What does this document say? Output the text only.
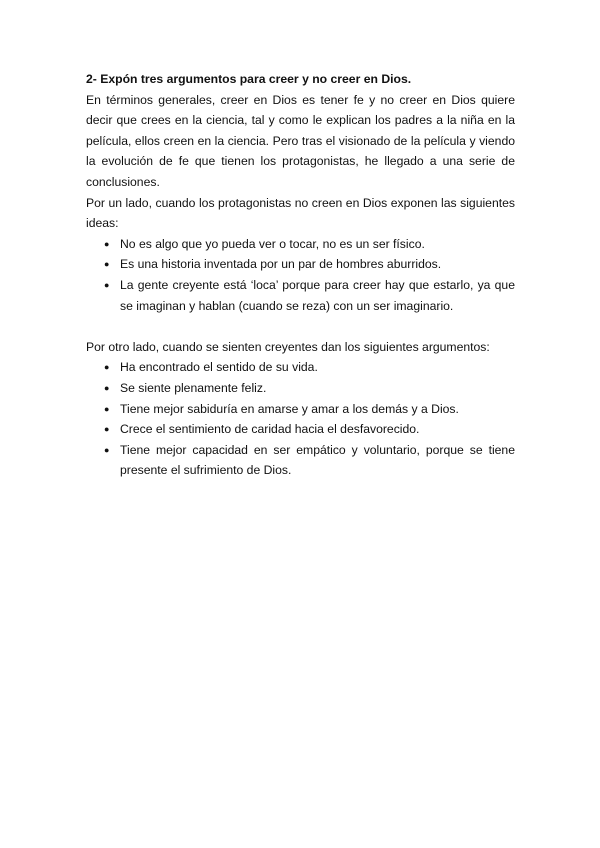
2- Expón tres argumentos para creer y no creer en Dios.

En términos generales, creer en Dios es tener fe y no creer en Dios quiere decir que crees en la ciencia, tal y como le explican los padres a la niña en la película, ellos creen en la ciencia. Pero tras el visionado de la película y viendo la evolución de fe que tienen los protagonistas, he llegado a una serie de conclusiones.

Por un lado, cuando los protagonistas no creen en Dios exponen las siguientes ideas:

● No es algo que yo pueda ver o tocar, no es un ser físico.
● Es una historia inventada por un par de hombres aburridos.
● La gente creyente está ‘loca’ porque para creer hay que estarlo, ya que se imaginan y hablan (cuando se reza) con un ser imaginario.

Por otro lado, cuando se sienten creyentes dan los siguientes argumentos:

● Ha encontrado el sentido de su vida.
● Se siente plenamente feliz.
● Tiene mejor sabiduría en amarse y amar a los demás y a Dios.
● Crece el sentimiento de caridad hacia el desfavorecido.
● Tiene mejor capacidad en ser empático y voluntario, porque se tiene presente el sufrimiento de Dios.
